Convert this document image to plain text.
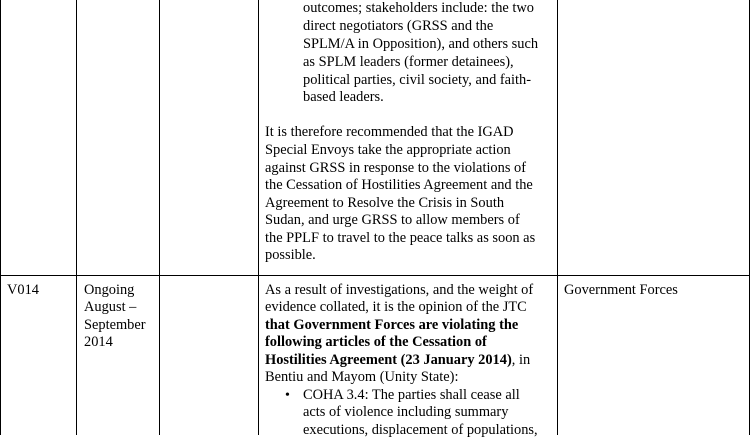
outcomes; stakeholders include: the two
direct negotiators (GRSS and the
SPLM/A in Opposition), and others such
as SPLM leaders (former detainees),
political parties, civil society, and faith-
based leaders.
It is therefore recommended that the IGAD
Special Envoys take the appropriate action
against GRSS in response to the violations of
the Cessation of Hostilities Agreement and the
Agreement to Resolve the Crisis in South
Sudan, and urge GRSS to allow members of
the PPLF to travel to the peace talks as soon as
possible.
V014	Ongoing
August –
September
2014
As a result of investigations, and the weight of
evidence collated, it is the opinion of the JTC
that Government Forces are violating the
following articles of the Cessation of
Hostilities Agreement (23 January 2014), in
Bentiu and Mayom (Unity State):
• COHA 3.4: The parties shall cease all
acts of violence including summary
executions, displacement of populations,
Government Forces
